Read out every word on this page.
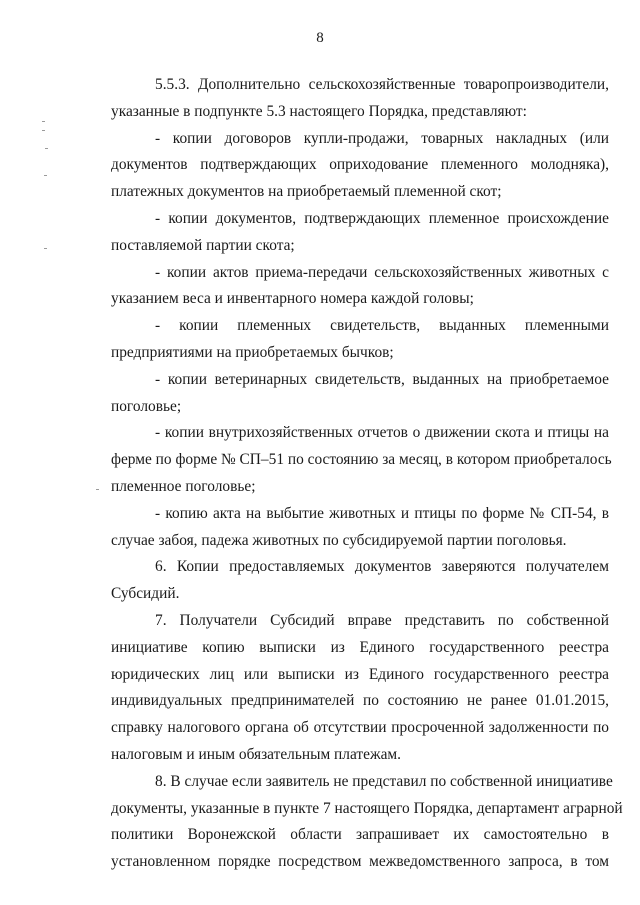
8
5.5.3. Дополнительно сельскохозяйственные товаропроизводители,
указанные в подпункте 5.3 настоящего Порядка, представляют:
- копии договоров купли-продажи, товарных накладных (или
документов подтверждающих оприходование племенного молодняка),
платежных документов на приобретаемый племенной скот;
- копии документов, подтверждающих племенное происхождение
поставляемой партии скота;
- копии актов приема-передачи сельскохозяйственных животных с
указанием веса и инвентарного номера каждой головы;
- копии племенных свидетельств, выданных племенными
предприятиями на приобретаемых бычков;
- копии ветеринарных свидетельств, выданных на приобретаемое
поголовье;
- копии внутрихозяйственных отчетов о движении скота и птицы на
ферме по форме № СП–51 по состоянию за месяц, в котором приобреталось
племенное поголовье;
- копию акта на выбытие животных и птицы по форме № СП-54, в
случае забоя, падежа животных по субсидируемой партии поголовья.
6. Копии предоставляемых документов заверяются получателем
Субсидий.
7. Получатели Субсидий вправе представить по собственной
инициативе копию выписки из Единого государственного реестра
юридических лиц или выписки из Единого государственного реестра
индивидуальных предпринимателей по состоянию не ранее 01.01.2015,
справку налогового органа об отсутствии просроченной задолженности по
налоговым и иным обязательным платежам.
8. В случае если заявитель не представил по собственной инициативе
документы, указанные в пункте 7 настоящего Порядка, департамент аграрной
политики Воронежской области запрашивает их самостоятельно в
установленном порядке посредством межведомственного запроса, в том
